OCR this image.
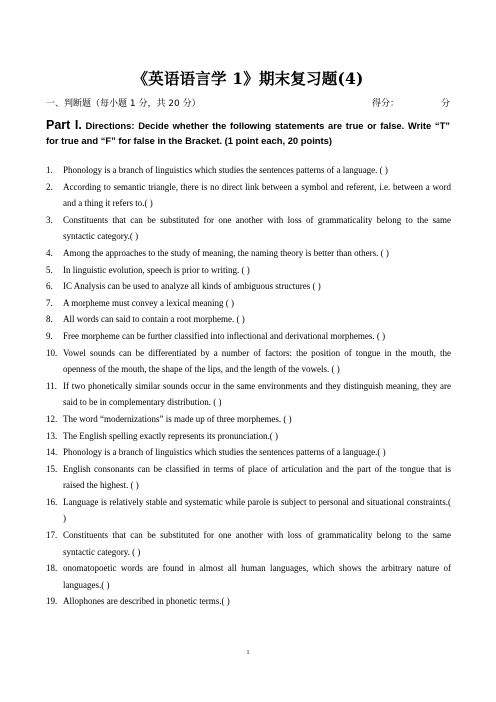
《英语语言学 1》期末复习题(4)
一、判断题（每小题 1 分，共 20 分）	得分：	分
Part I. Directions: Decide whether the following statements are true or false. Write “T” for true and “F” for false in the Bracket. (1 point each, 20 points)
1. Phonology is a branch of linguistics which studies the sentences patterns of a language. ( )
2. According to semantic triangle, there is no direct link between a symbol and referent, i.e. between a word and a thing it refers to.( )
3. Constituents that can be substituted for one another with loss of grammaticality belong to the same syntactic category.( )
4. Among the approaches to the study of meaning, the naming theory is better than others. ( )
5. In linguistic evolution, speech is prior to writing. ( )
6. IC Analysis can be used to analyze all kinds of ambiguous structures ( )
7. A morpheme must convey a lexical meaning ( )
8. All words can said to contain a root morpheme. ( )
9. Free morpheme can be further classified into inflectional and derivational morphemes. ( )
10. Vowel sounds can be differentiated by a number of factors: the position of tongue in the mouth, the openness of the mouth, the shape of the lips, and the length of the vowels. ( )
11. If two phonetically similar sounds occur in the same environments and they distinguish meaning, they are said to be in complementary distribution. ( )
12. The word “modernizations” is made up of three morphemes. ( )
13. The English spelling exactly represents its pronunciation.( )
14. Phonology is a branch of linguistics which studies the sentences patterns of a language.( )
15. English consonants can be classified in terms of place of articulation and the part of the tongue that is raised the highest. ( )
16. Language is relatively stable and systematic while parole is subject to personal and situational constraints.( )
17. Constituents that can be substituted for one another with loss of grammaticality belong to the same syntactic category. ( )
18. onomatopoetic words are found in almost all human languages, which shows the arbitrary nature of languages.( )
19. Allophones are described in phonetic terms.( )
1
